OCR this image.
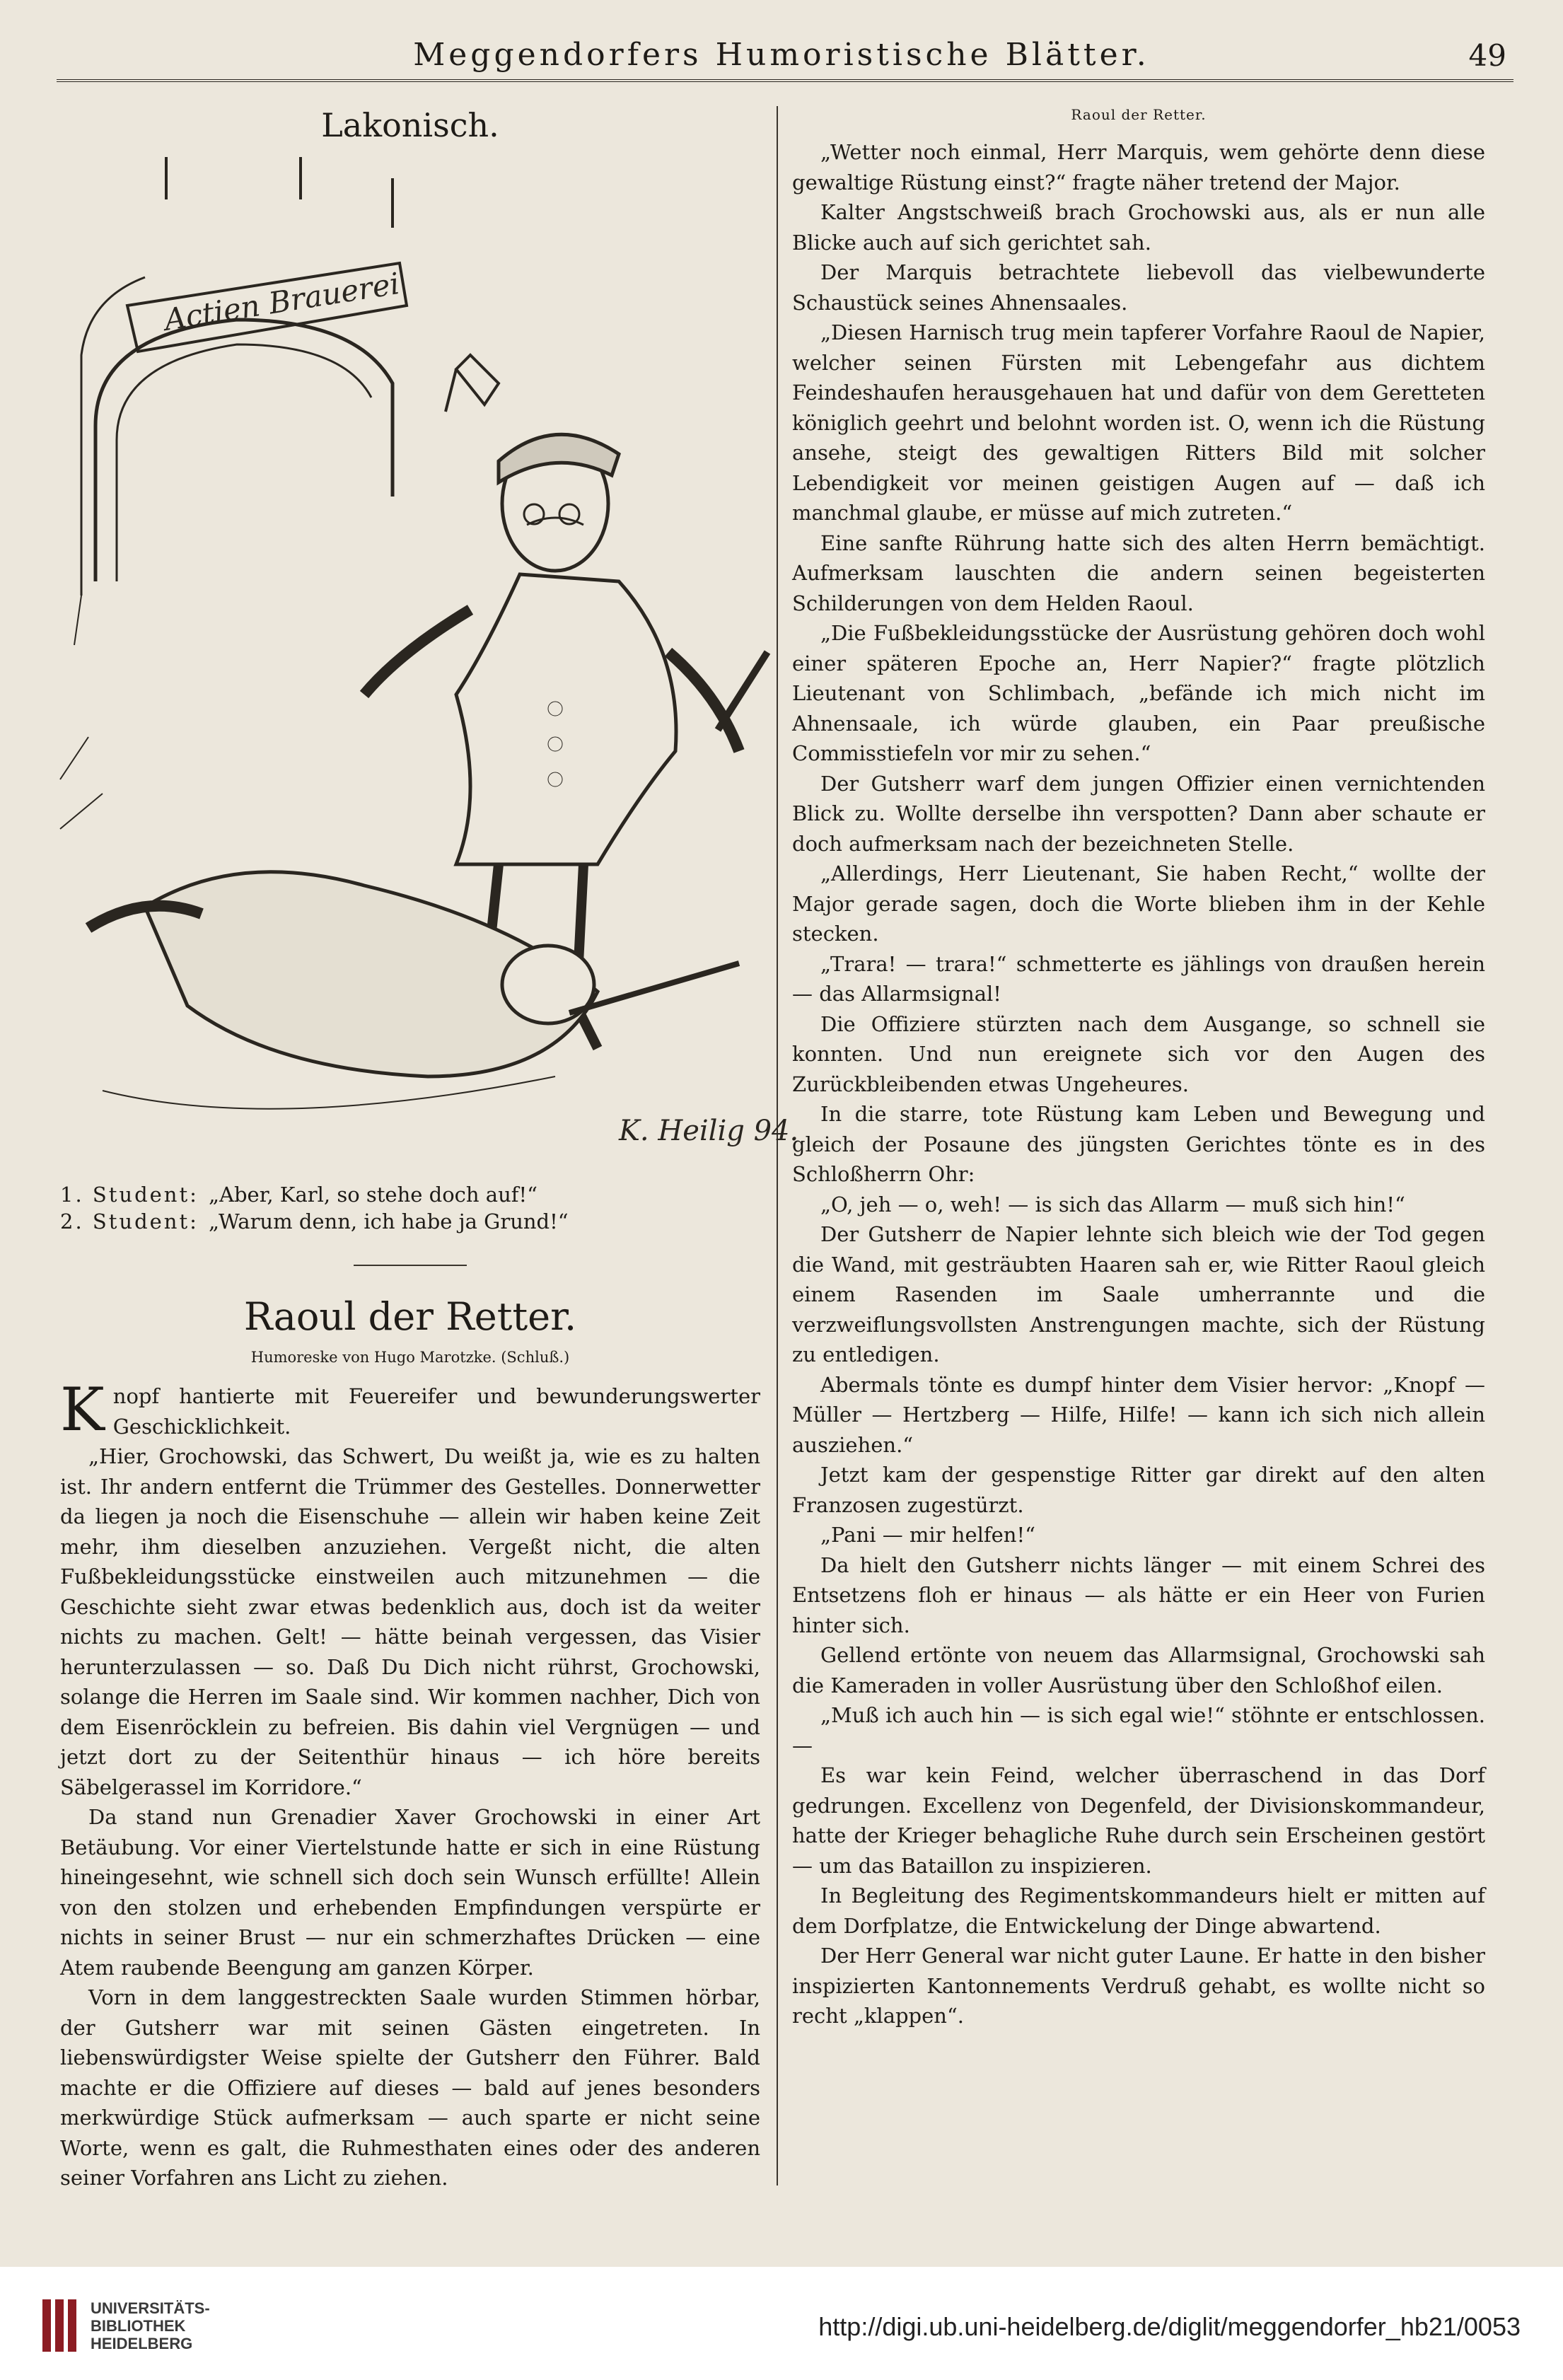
Meggendorfers Humoristische Blätter.	49
Lakonisch.
Actien Brauerei
K. Heilig 94.
1. Student: „Aber, Karl, so stehe doch auf!“
2. Student: „Warum denn, ich habe ja Grund!“
Raoul der Retter.
Humoreske von Hugo Marotzke. (Schluß.)

Knopf hantierte mit Feuereifer und bewunderungswerter Geschicklichkeit.

„Hier, Grochowski, das Schwert, Du weißt ja, wie es zu halten ist. Ihr andern entfernt die Trümmer des Gestelles. Donnerwetter da liegen ja noch die Eisenschuhe — allein wir haben keine Zeit mehr, ihm dieselben anzuziehen. Vergeßt nicht, die alten Fußbekleidungsstücke einstweilen auch mitzunehmen — die Geschichte sieht zwar etwas bedenklich aus, doch ist da weiter nichts zu machen. Gelt! — hätte beinah vergessen, das Visier herunterzulassen — so. Daß Du Dich nicht rührst, Grochowski, solange die Herren im Saale sind. Wir kommen nachher, Dich von dem Eisenröcklein zu befreien. Bis dahin viel Vergnügen — und jetzt dort zu der Seitenthür hinaus — ich höre bereits Säbelgerassel im Korridore.“

Da stand nun Grenadier Xaver Grochowski in einer Art Betäubung. Vor einer Viertelstunde hatte er sich in eine Rüstung hineingesehnt, wie schnell sich doch sein Wunsch erfüllte! Allein von den stolzen und erhebenden Empfindungen verspürte er nichts in seiner Brust — nur ein schmerzhaftes Drücken — eine Atem raubende Beengung am ganzen Körper.

Vorn in dem langgestreckten Saale wurden Stimmen hörbar, der Gutsherr war mit seinen Gästen eingetreten. In liebenswürdigster Weise spielte der Gutsherr den Führer. Bald machte er die Offiziere auf dieses — bald auf jenes besonders merkwürdige Stück aufmerksam — auch sparte er nicht seine Worte, wenn es galt, die Ruhmesthaten eines oder des anderen seiner Vorfahren ans Licht zu ziehen.

Raoul der Retter.

„Wetter noch einmal, Herr Marquis, wem gehörte denn diese gewaltige Rüstung einst?“ fragte näher tretend der Major.

Kalter Angstschweiß brach Grochowski aus, als er nun alle Blicke auch auf sich gerichtet sah.

Der Marquis betrachtete liebevoll das vielbewunderte Schaustück seines Ahnensaales.

„Diesen Harnisch trug mein tapferer Vorfahre Raoul de Napier, welcher seinen Fürsten mit Lebengefahr aus dichtem Feindeshaufen herausgehauen hat und dafür von dem Geretteten königlich geehrt und belohnt worden ist. O, wenn ich die Rüstung ansehe, steigt des gewaltigen Ritters Bild mit solcher Lebendigkeit vor meinen geistigen Augen auf — daß ich manchmal glaube, er müsse auf mich zutreten.“

Eine sanfte Rührung hatte sich des alten Herrn bemächtigt. Aufmerksam lauschten die andern seinen begeisterten Schilderungen von dem Helden Raoul.

„Die Fußbekleidungsstücke der Ausrüstung gehören doch wohl einer späteren Epoche an, Herr Napier?“ fragte plötzlich Lieutenant von Schlimbach, „befände ich mich nicht im Ahnensaale, ich würde glauben, ein Paar preußische Commisstiefeln vor mir zu sehen.“

Der Gutsherr warf dem jungen Offizier einen vernichtenden Blick zu. Wollte derselbe ihn verspotten? Dann aber schaute er doch aufmerksam nach der bezeichneten Stelle.

„Allerdings, Herr Lieutenant, Sie haben Recht,“ wollte der Major gerade sagen, doch die Worte blieben ihm in der Kehle stecken.

„Trara! — trara!“ schmetterte es jählings von draußen herein — das Allarmsignal!

Die Offiziere stürzten nach dem Ausgange, so schnell sie konnten. Und nun ereignete sich vor den Augen des Zurückbleibenden etwas Ungeheures.

In die starre, tote Rüstung kam Leben und Bewegung und gleich der Posaune des jüngsten Gerichtes tönte es in des Schloßherrn Ohr:

„O, jeh — o, weh! — is sich das Allarm — muß sich hin!“

Der Gutsherr de Napier lehnte sich bleich wie der Tod gegen die Wand, mit gesträubten Haaren sah er, wie Ritter Raoul gleich einem Rasenden im Saale umherrannte und die verzweiflungsvollsten Anstrengungen machte, sich der Rüstung zu entledigen.

Abermals tönte es dumpf hinter dem Visier hervor: „Knopf — Müller — Hertzberg — Hilfe, Hilfe! — kann ich sich nich allein ausziehen.“

Jetzt kam der gespenstige Ritter gar direkt auf den alten Franzosen zugestürzt.

„Pani — mir helfen!“

Da hielt den Gutsherr nichts länger — mit einem Schrei des Entsetzens floh er hinaus — als hätte er ein Heer von Furien hinter sich.

Gellend ertönte von neuem das Allarmsignal, Grochowski sah die Kameraden in voller Ausrüstung über den Schloßhof eilen.

„Muß ich auch hin — is sich egal wie!“ stöhnte er entschlossen. —

Es war kein Feind, welcher überraschend in das Dorf gedrungen. Excellenz von Degenfeld, der Divisionskommandeur, hatte der Krieger behagliche Ruhe durch sein Erscheinen gestört — um das Bataillon zu inspizieren.

In Begleitung des Regimentskommandeurs hielt er mitten auf dem Dorfplatze, die Entwickelung der Dinge abwartend.

Der Herr General war nicht guter Laune. Er hatte in den bisher inspizierten Kantonnements Verdruß gehabt, es wollte nicht so recht „klappen“.

UNIVERSITÄTS-
BIBLIOTHEK
HEIDELBERG
http://digi.ub.uni-heidelberg.de/diglit/meggendorfer_hb21/0053
